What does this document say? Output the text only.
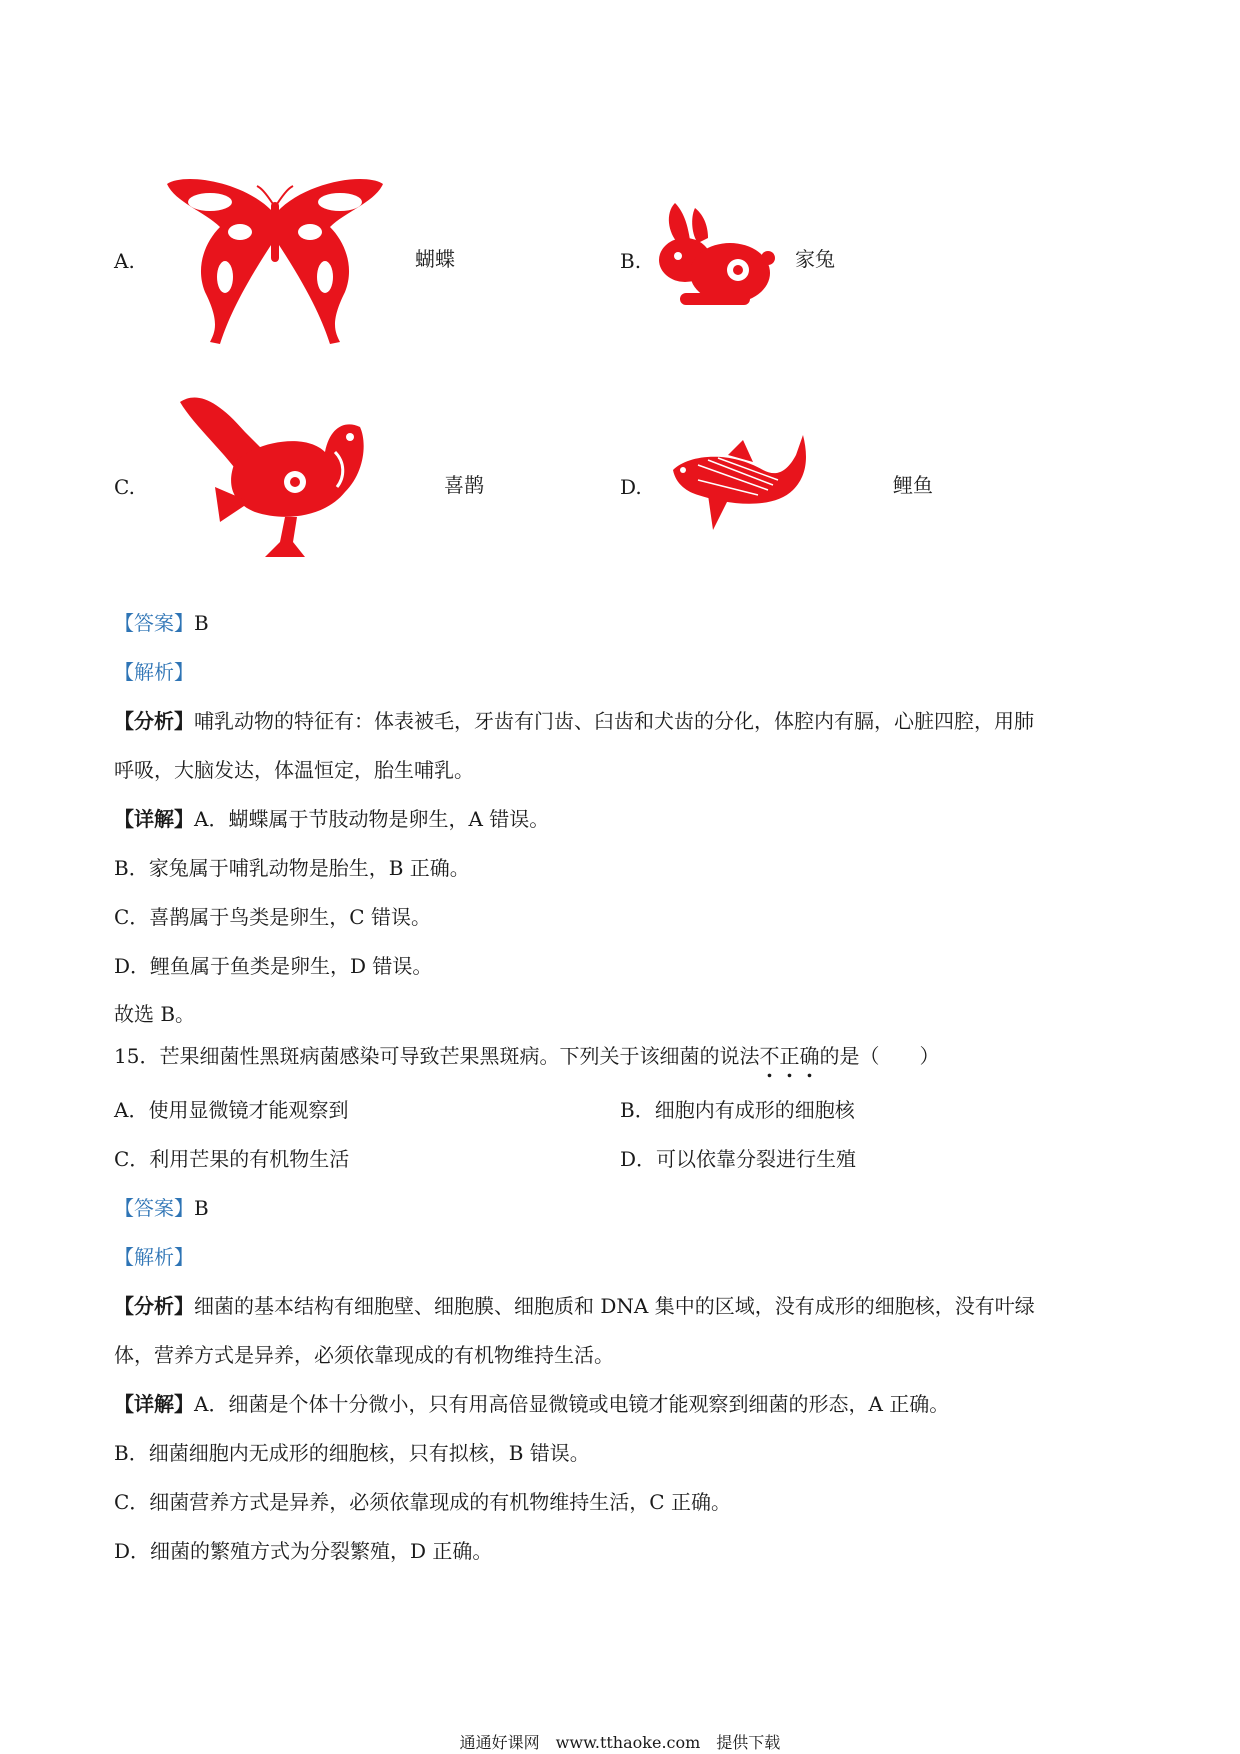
A.	蝴蝶	B.	家兔
C.	喜鹊	D.	鲤鱼
【答案】B
【解析】
【分析】哺乳动物的特征有：体表被毛，牙齿有门齿、臼齿和犬齿的分化，体腔内有膈，心脏四腔，用肺
呼吸，大脑发达，体温恒定，胎生哺乳。
【详解】A．蝴蝶属于节肢动物是卵生，A 错误。
B．家兔属于哺乳动物是胎生，B 正确。
C．喜鹊属于鸟类是卵生，C 错误。
D．鲤鱼属于鱼类是卵生，D 错误。
故选 B。
15．芒果细菌性黑斑病菌感染可导致芒果黑斑病。下列关于该细菌的说法不正确的是（　　）
A．使用显微镜才能观察到	B．细胞内有成形的细胞核
C．利用芒果的有机物生活	D．可以依靠分裂进行生殖
【答案】B
【解析】
【分析】细菌的基本结构有细胞壁、细胞膜、细胞质和 DNA 集中的区域，没有成形的细胞核，没有叶绿
体，营养方式是异养，必须依靠现成的有机物维持生活。
【详解】A．细菌是个体十分微小，只有用高倍显微镜或电镜才能观察到细菌的形态，A 正确。
B．细菌细胞内无成形的细胞核，只有拟核，B 错误。
C．细菌营养方式是异养，必须依靠现成的有机物维持生活，C 正确。
D．细菌的繁殖方式为分裂繁殖，D 正确。
通通好课网　www.tthaoke.com　提供下载
